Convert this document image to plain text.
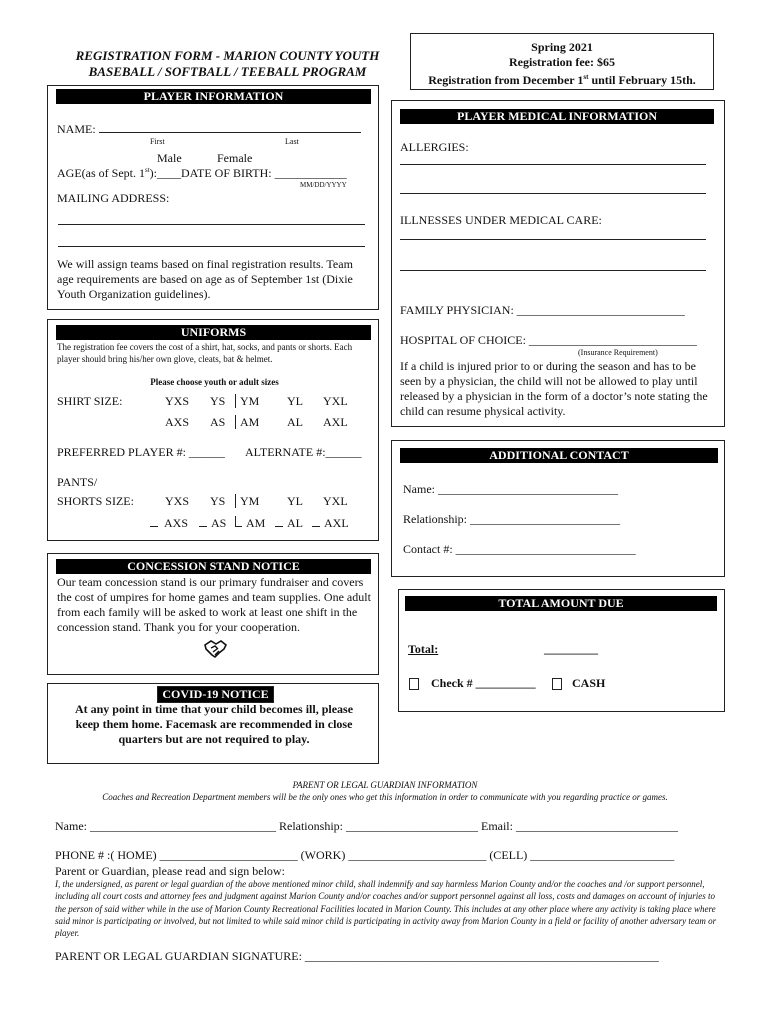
REGISTRATION FORM - MARION COUNTY YOUTH
BASEBALL / SOFTBALL / TEEBALL PROGRAM
Spring 2021
Registration fee: $65
Registration from December 1st until February 15th.
PLAYER INFORMATION
NAME:
First	Last
Male	Female
AGE(as of Sept. 1st):____DATE OF BIRTH: ____________
MM/DD/YYYY
MAILING ADDRESS:
We will assign teams based on final registration results. Team age requirements are based on age as of September 1st (Dixie Youth Organization guidelines).
UNIFORMS
The registration fee covers the cost of a shirt, hat, socks, and pants or shorts. Each player should bring his/her own glove, cleats, bat & helmet.
Please choose youth or adult sizes
SHIRT SIZE:	YXS YS	YM YL YXL
AXS AS	AM AL AXL
PREFERRED PLAYER #: ______ ALTERNATE #:______
PANTS/
SHORTS SIZE:	YXS YS	YM YL YXL
AXS	AS	AM	AL	AXL
CONCESSION STAND NOTICE
Our team concession stand is our primary fundraiser and covers the cost of umpires for home games and team supplies. One adult from each family will be asked to work at least one shift in the concession stand. Thank you for your cooperation.
COVID-19 NOTICE
At any point in time that your child becomes ill, please keep them home. Facemask are recommended in close quarters but are not required to play.
PLAYER MEDICAL INFORMATION
ALLERGIES:
ILLNESSES UNDER MEDICAL CARE:
FAMILY PHYSICIAN: ____________________________
HOSPITAL OF CHOICE: ____________________________
(Insurance Requirement)
If a child is injured prior to or during the season and has to be seen by a physician, the child will not be allowed to play until released by a physician in the form of a doctor’s note stating the child can resume physical activity.
ADDITIONAL CONTACT
Name: ______________________________
Relationship: _________________________
Contact #: ______________________________
TOTAL AMOUNT DUE
Total:	_________
Check # __________	CASH
PARENT OR LEGAL GUARDIAN INFORMATION
Coaches and Recreation Department members will be the only ones who get this information in order to communicate with you regarding practice or games.
Name: _______________________________ Relationship: ______________________ Email: ___________________________
PHONE # :( HOME) _______________________ (WORK) _______________________ (CELL) ________________________
Parent or Guardian, please read and sign below:
I, the undersigned, as parent or legal guardian of the above mentioned minor child, shall indemnify and say harmless Marion County and/or the coaches and /or support personnel, including all court costs and attorney fees and judgment against Marion County and/or coaches and/or support personnel against all loss, costs and damages on account of injuries to the person of said wither while in the use of Marion County Recreational Facilities located in Marion County. This includes at any other place where any activity is taking place where said minor is participating or involved, but not limited to while said minor child is participating in activity away from Marion County in a field or facility of another adversary team or player.
PARENT OR LEGAL GUARDIAN SIGNATURE: ___________________________________________________________
